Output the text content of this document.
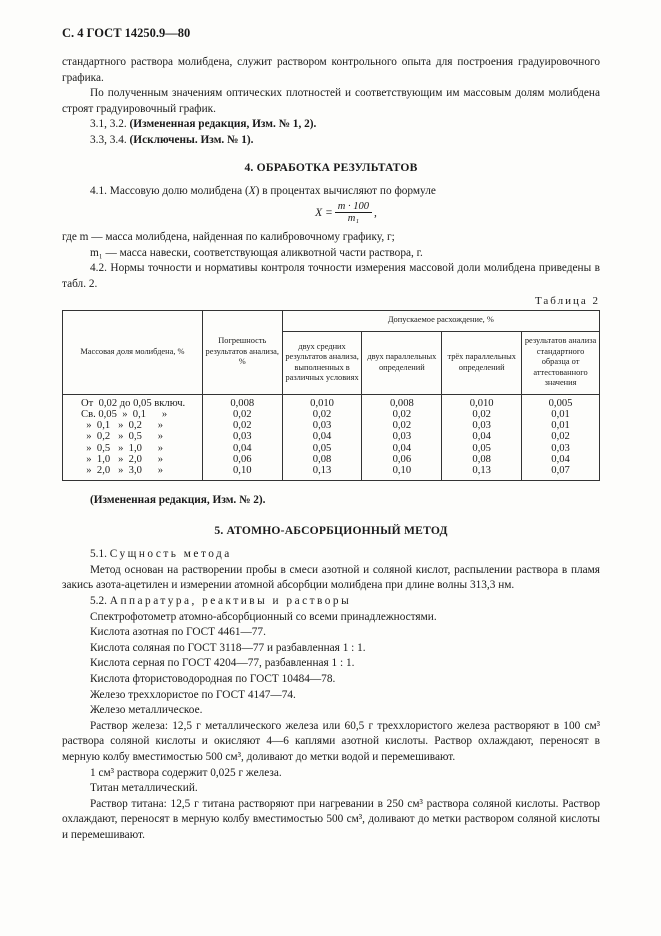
С. 4 ГОСТ 14250.9—80

стандартного раствора молибдена, служит раствором контрольного опыта для построения градуировочного графика.

По полученным значениям оптических плотностей и соответствующим им массовым долям молибдена строят градуировочный график.

3.1, 3.2. (Измененная редакция, Изм. № 1, 2).

3.3, 3.4. (Исключены. Изм. № 1).

4. ОБРАБОТКА РЕЗУЛЬТАТОВ

4.1. Массовую долю молибдена (X) в процентах вычисляют по формуле

$X = \frac{m \cdot 100}{\text{m₁}}$ ,

где m — масса молибдена, найденная по калибровочному графику, г;

m₁ — масса навески, соответствующая аликвотной части раствора, г.

4.2. Нормы точности и нормативы контроля точности измерения массовой доли молибдена приведены в табл. 2.

Таблица 2
Массовая доля молибдена, %	Погрешность результатов анализа, %	Допускаемое расхождение, %			
		двух средних результатов анализа, выполненных в различных условиях	двух параллельных определений	трёх параллельных определений	результатов анализа стандартного образца от аттестованного значения
От  0,02 до 0,05 включ.	0,008	0,010	0,008	0,010	0,005
Св. 0,05  »  0,1      »	0,02	0,02	0,02	0,02	0,01
»  0,1   »  0,2      »	0,02	0,03	0,02	0,03	0,01
»  0,2   »  0,5      »	0,03	0,04	0,03	0,04	0,02
»  0,5   »  1,0      »	0,04	0,05	0,04	0,05	0,03
»  1,0   »  2,0      »	0,06	0,08	0,06	0,08	0,04
»  2,0   »  3,0      »	0,10	0,13	0,10	0,13	0,07

(Измененная редакция, Изм. № 2).

5. АТОМНО-АБСОРБЦИОННЫЙ МЕТОД

5.1. Сущность метода

Метод основан на растворении пробы в смеси азотной и соляной кислот, распылении раствора в пламя закись азота-ацетилен и измерении атомной абсорбции молибдена при длине волны 313,3 нм.

5.2. Аппаратура, реактивы и растворы

Спектрофотометр атомно-абсорбционный со всеми принадлежностями.

Кислота азотная по ГОСТ 4461—77.

Кислота соляная по ГОСТ 3118—77 и разбавленная 1 : 1.

Кислота серная по ГОСТ 4204—77, разбавленная 1 : 1.

Кислота фтористоводородная по ГОСТ 10484—78.

Железо треххлористое по ГОСТ 4147—74.

Железо металлическое.

Раствор железа: 12,5 г металлического железа или 60,5 г треххлористого железа растворяют в 100 см³ раствора соляной кислоты и окисляют 4—6 каплями азотной кислоты. Раствор охлаждают, переносят в мерную колбу вместимостью 500 см³, доливают до метки водой и перемешивают.

1 см³ раствора содержит 0,025 г железа.

Титан металлический.

Раствор титана: 12,5 г титана растворяют при нагревании в 250 см³ раствора соляной кислоты. Раствор охлаждают, переносят в мерную колбу вместимостью 500 см³, доливают до метки раствором соляной кислоты и перемешивают.
